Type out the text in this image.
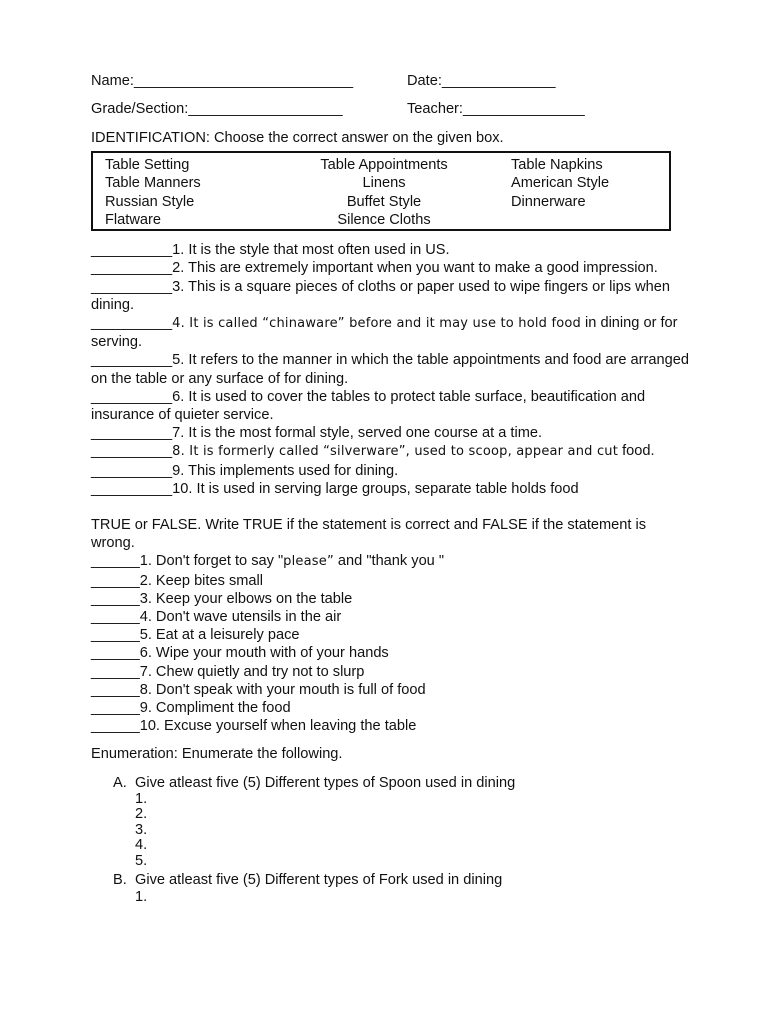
Name:___________________________	Date:______________
Grade/Section:___________________	Teacher:_______________
IDENTIFICATION: Choose the correct answer on the given box.
Table Setting	Table Appointments	Table Napkins
Table Manners	Linens	American Style
Russian Style	Buffet Style	Dinnerware
Flatware	Silence Cloths
__________1. It is the style that most often used in US.
__________2. This are extremely important when you want to make a good impression.
__________3. This is a square pieces of cloths or paper used to wipe fingers or lips when dining.
__________4. It is called “chinaware” before and it may use to hold food in dining or for serving.
__________5. It refers to the manner in which the table appointments and food are arranged on the table or any surface of for dining.
__________6. It is used to cover the tables to protect table surface, beautification and insurance of quieter service.
__________7. It is the most formal style, served one course at a time.
__________8. It is formerly called “silverware”, used to scoop, appear and cut food.
__________9. This implements used for dining.
__________10. It is used in serving large groups, separate table holds food
TRUE or FALSE. Write TRUE if the statement is correct and FALSE if the statement is wrong.
______1. Don't forget to say "please” and "thank you "
______2. Keep bites small
______3. Keep your elbows on the table
______4. Don't wave utensils in the air
______5. Eat at a leisurely pace
______6. Wipe your mouth with of your hands
______7. Chew quietly and try not to slurp
______8. Don't speak with your mouth is full of food
______9. Compliment the food
______10. Excuse yourself when leaving the table
Enumeration: Enumerate the following.
A. Give atleast five (5) Different types of Spoon used in dining
1.
2.
3.
4.
5.
B. Give atleast five (5) Different types of Fork used in dining
1.
